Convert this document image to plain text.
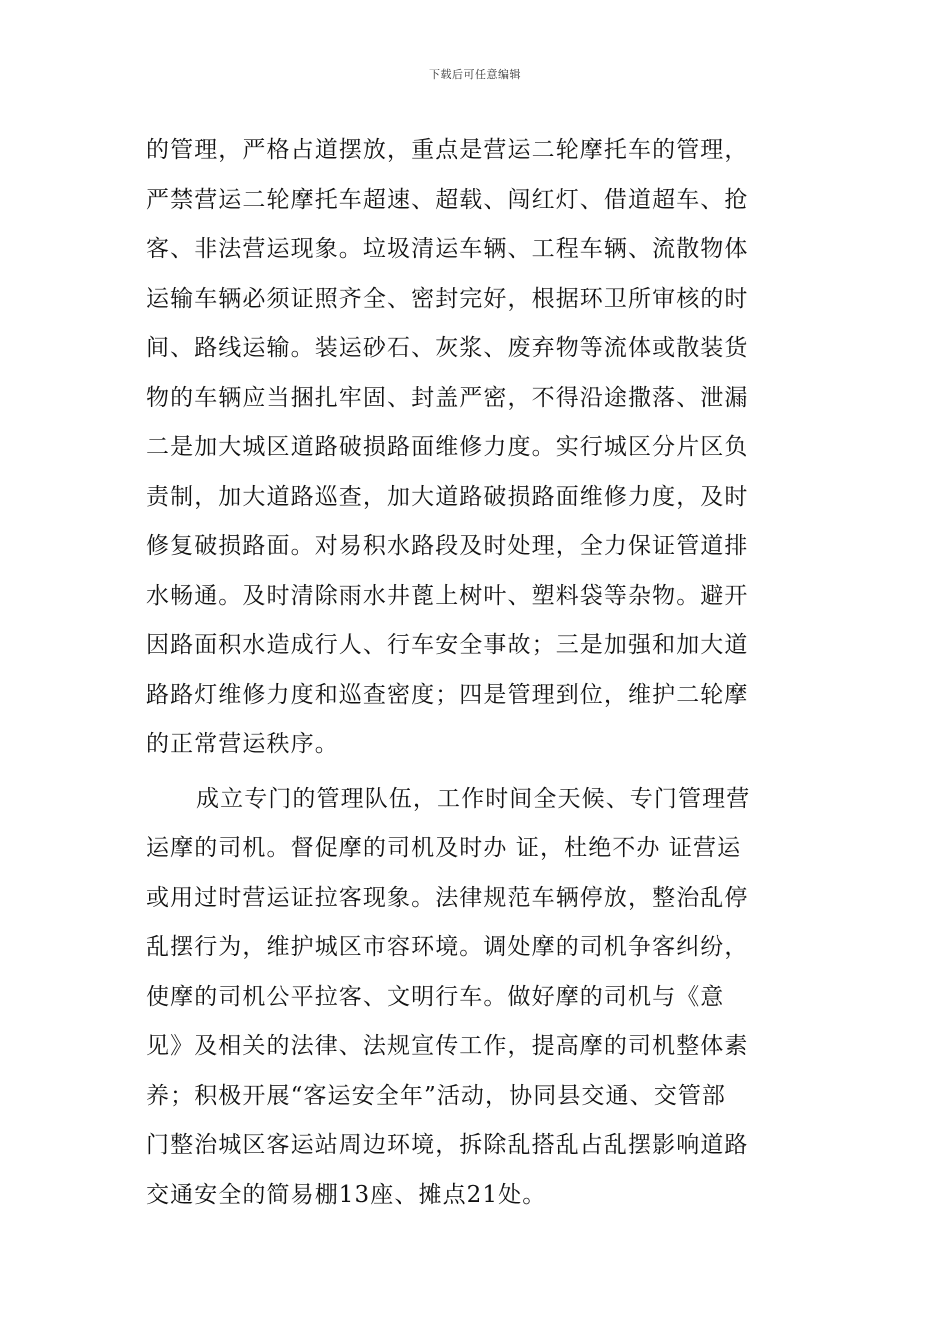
下载后可任意编辑
的管理，严格占道摆放，重点是营运二轮摩托车的管理，
严禁营运二轮摩托车超速、超载、闯红灯、借道超车、抢
客、非法营运现象。垃圾清运车辆、工程车辆、流散物体
运输车辆必须证照齐全、密封完好，根据环卫所审核的时
间、路线运输。装运砂石、灰浆、废弃物等流体或散装货
物的车辆应当捆扎牢固、封盖严密，不得沿途撒落、泄漏
二是加大城区道路破损路面维修力度。实行城区分片区负
责制，加大道路巡查，加大道路破损路面维修力度，及时
修复破损路面。对易积水路段及时处理，全力保证管道排
水畅通。及时清除雨水井蓖上树叶、塑料袋等杂物。避开
因路面积水造成行人、行车安全事故；三是加强和加大道
路路灯维修力度和巡查密度；四是管理到位，维护二轮摩
的正常营运秩序。
成立专门的管理队伍，工作时间全天候、专门管理营
运摩的司机。督促摩的司机及时办 证，杜绝不办 证营运
或用过时营运证拉客现象。法律规范车辆停放，整治乱停
乱摆行为，维护城区市容环境。调处摩的司机争客纠纷，
使摩的司机公平拉客、文明行车。做好摩的司机与《意
见》及相关的法律、法规宣传工作，提高摩的司机整体素
养；积极开展“客运安全年”活动，协同县交通、交管部
门整治城区客运站周边环境，拆除乱搭乱占乱摆影响道路
交通安全的简易棚13座、摊点21处。
